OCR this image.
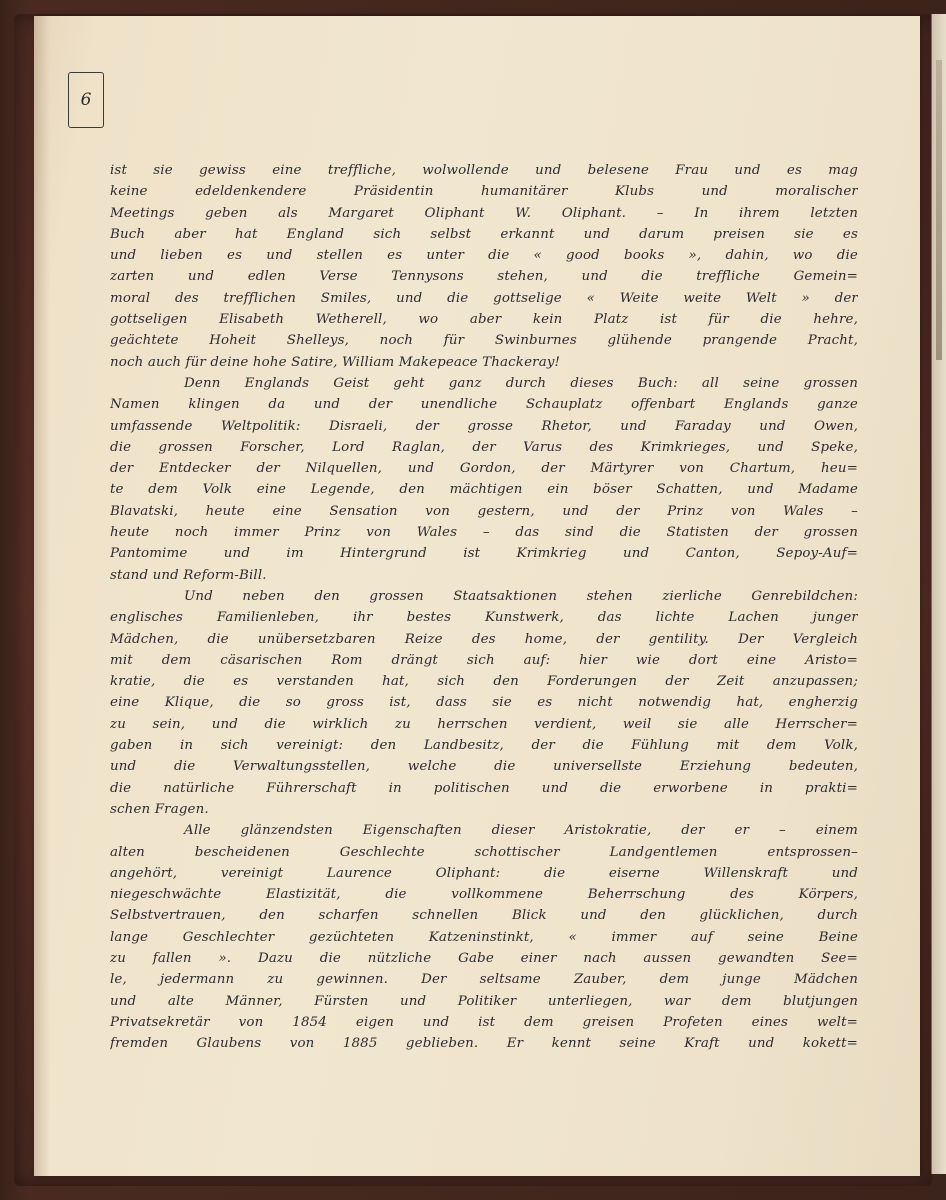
6
ist sie gewiss eine treffliche, wolwollende und belesene Frau und es mag
keine edeldenkendere Präsidentin humanitärer Klubs und moralischer
Meetings geben als Margaret Oliphant W. Oliphant. – In ihrem letzten
Buch aber hat England sich selbst erkannt und darum preisen sie es
und lieben es und stellen es unter die « good books », dahin, wo die
zarten und edlen Verse Tennysons stehen, und die treffliche Gemein=
moral des trefflichen Smiles, und die gottselige « Weite weite Welt » der
gottseligen Elisabeth Wetherell, wo aber kein Platz ist für die hehre,
geächtete Hoheit Shelleys, noch für Swinburnes glühende prangende Pracht,
noch auch für deine hohe Satire, William Makepeace Thackeray!
Denn Englands Geist geht ganz durch dieses Buch: all seine grossen
Namen klingen da und der unendliche Schauplatz offenbart Englands ganze
umfassende Weltpolitik: Disraeli, der grosse Rhetor, und Faraday und Owen,
die grossen Forscher, Lord Raglan, der Varus des Krimkrieges, und Speke,
der Entdecker der Nilquellen, und Gordon, der Märtyrer von Chartum, heu=
te dem Volk eine Legende, den mächtigen ein böser Schatten, und Madame
Blavatski, heute eine Sensation von gestern, und der Prinz von Wales –
heute noch immer Prinz von Wales – das sind die Statisten der grossen
Pantomime und im Hintergrund ist Krimkrieg und Canton, Sepoy-Auf=
stand und Reform-Bill.
Und neben den grossen Staatsaktionen stehen zierliche Genrebildchen:
englisches Familienleben, ihr bestes Kunstwerk, das lichte Lachen junger
Mädchen, die unübersetzbaren Reize des home, der gentility. Der Vergleich
mit dem cäsarischen Rom drängt sich auf: hier wie dort eine Aristo=
kratie, die es verstanden hat, sich den Forderungen der Zeit anzupassen;
eine Klique, die so gross ist, dass sie es nicht notwendig hat, engherzig
zu sein, und die wirklich zu herrschen verdient, weil sie alle Herrscher=
gaben in sich vereinigt: den Landbesitz, der die Fühlung mit dem Volk,
und die Verwaltungsstellen, welche die universellste Erziehung bedeuten,
die natürliche Führerschaft in politischen und die erworbene in prakti=
schen Fragen.
Alle glänzendsten Eigenschaften dieser Aristokratie, der er – einem
alten bescheidenen Geschlechte schottischer Landgentlemen entsprossen–
angehört, vereinigt Laurence Oliphant: die eiserne Willenskraft und
niegeschwächte Elastizität, die vollkommene Beherrschung des Körpers,
Selbstvertrauen, den scharfen schnellen Blick und den glücklichen, durch
lange Geschlechter gezüchteten Katzeninstinkt, « immer auf seine Beine
zu fallen ». Dazu die nützliche Gabe einer nach aussen gewandten See=
le, jedermann zu gewinnen. Der seltsame Zauber, dem junge Mädchen
und alte Männer, Fürsten und Politiker unterliegen, war dem blutjungen
Privatsekretär von 1854 eigen und ist dem greisen Profeten eines welt=
fremden Glaubens von 1885 geblieben. Er kennt seine Kraft und kokett=
